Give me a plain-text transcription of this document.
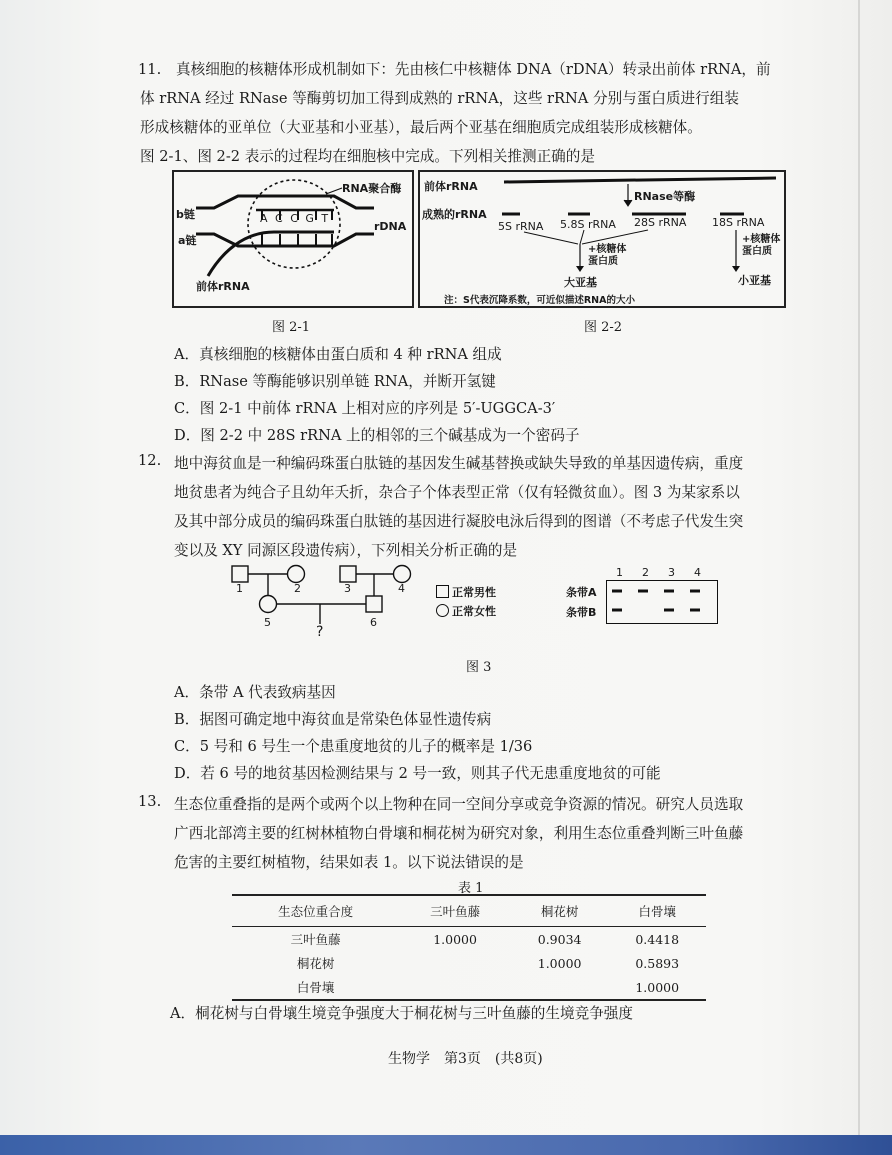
11.	真核细胞的核糖体形成机制如下：先由核仁中核糖体 DNA（rDNA）转录出前体 rRNA，前
体 rRNA 经过 RNase 等酶剪切加工得到成熟的 rRNA，这些 rRNA 分别与蛋白质进行组装
形成核糖体的亚单位（大亚基和小亚基），最后两个亚基在细胞质完成组装形成核糖体。
图 2-1、图 2-2 表示的过程均在细胞核中完成。下列相关推测正确的是
RNA聚合酶
b链
a链
rDNA
A C C G T
前体rRNA
图 2-1
前体rRNA
RNase等酶
成熟的rRNA
5S rRNA 5.8S rRNA 28S rRNA 18S rRNA
+核糖体
蛋白质
+核糖体
蛋白质
大亚基	小亚基
注：S代表沉降系数，可近似描述RNA的大小
图 2-2
A．真核细胞的核糖体由蛋白质和 4 种 rRNA 组成
B．RNase 等酶能够识别单链 RNA，并断开氢键
C．图 2-1 中前体 rRNA 上相对应的序列是 5′-UGGCA-3′
D．图 2-2 中 28S rRNA 上的相邻的三个碱基成为一个密码子
12. 地中海贫血是一种编码珠蛋白肽链的基因发生碱基替换或缺失导致的单基因遗传病，重度
地贫患者为纯合子且幼年夭折，杂合子个体表型正常（仅有轻微贫血）。图 3 为某家系以
及其中部分成员的编码珠蛋白肽链的基因进行凝胶电泳后得到的图谱（不考虑子代发生突
变以及 XY 同源区段遗传病），下列相关分析正确的是
1	2	3	4
5	6
?
正常男性
正常女性
1 2 3 4
条带A
条带B
图 3
A．条带 A 代表致病基因
B．据图可确定地中海贫血是常染色体显性遗传病
C．5 号和 6 号生一个患重度地贫的儿子的概率是 1/36
D．若 6 号的地贫基因检测结果与 2 号一致，则其子代无患重度地贫的可能
13. 生态位重叠指的是两个或两个以上物种在同一空间分享或竞争资源的情况。研究人员选取
广西北部湾主要的红树林植物白骨壤和桐花树为研究对象，利用生态位重叠判断三叶鱼藤
危害的主要红树植物，结果如表 1。以下说法错误的是
表 1
生态位重合度	三叶鱼藤	桐花树	白骨壤
三叶鱼藤	1.0000	0.9034	0.4418
桐花树		1.0000	0.5893
白骨壤			1.0000
A．桐花树与白骨壤生境竞争强度大于桐花树与三叶鱼藤的生境竞争强度
生物学　第3页　(共8页)
